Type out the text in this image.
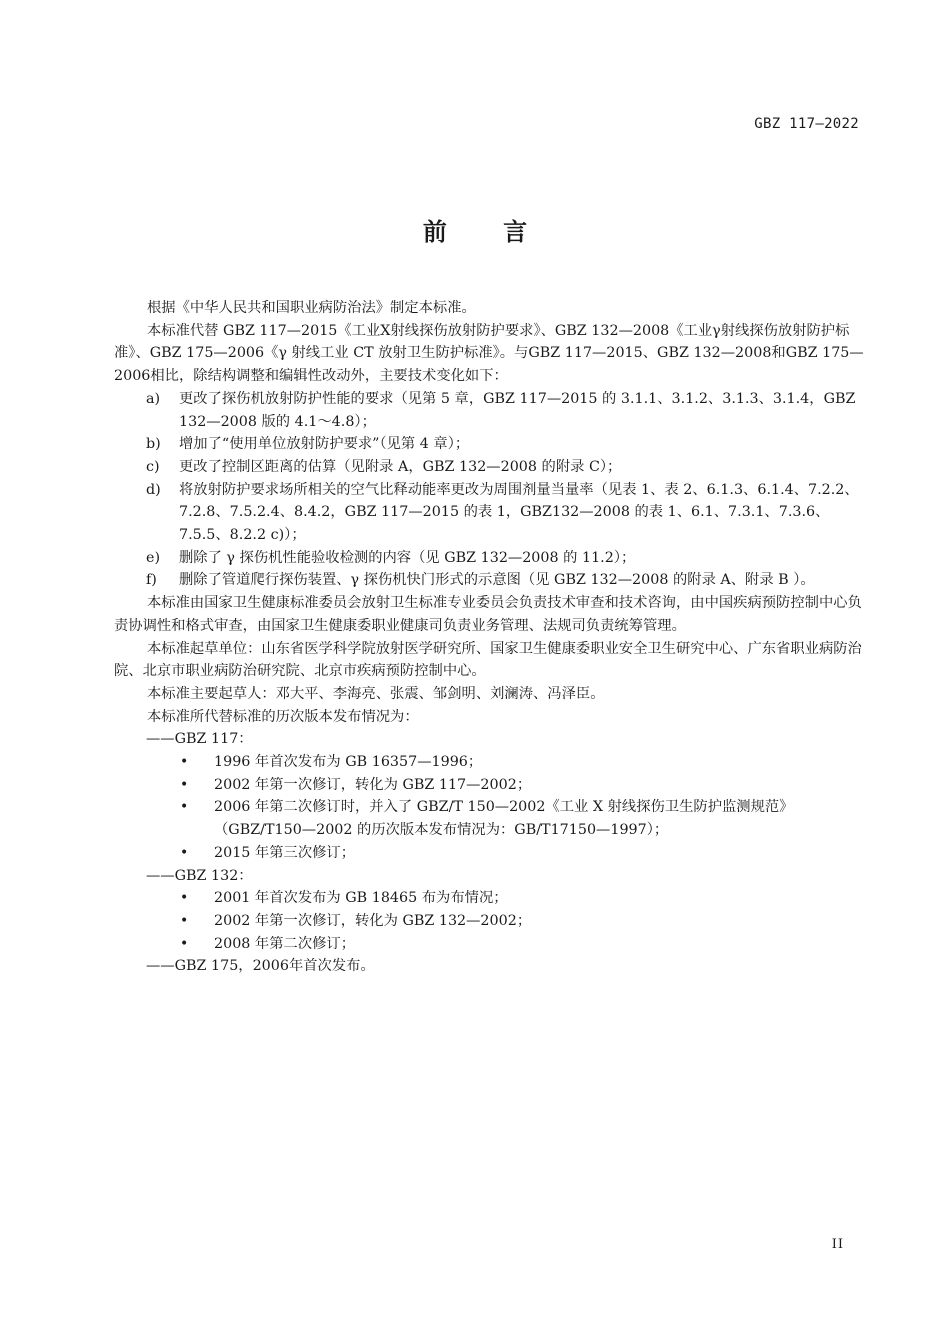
GBZ 117—2022
前 言

根据《中华人民共和国职业病防治法》制定本标准。

本标准代替 GBZ 117—2015《工业X射线探伤放射防护要求》、GBZ 132—2008《工业γ射线探伤放射防护标准》、GBZ 175—2006《γ 射线工业 CT 放射卫生防护标准》。与GBZ 117—2015、GBZ 132—2008和GBZ 175—2006相比，除结构调整和编辑性改动外，主要技术变化如下：

a)	更改了探伤机放射防护性能的要求（见第 5 章，GBZ 117—2015 的 3.1.1、3.1.2、3.1.3、3.1.4，GBZ 132—2008 版的 4.1～4.8）；
b)	增加了“使用单位放射防护要求”（见第 4 章）；
c)	更改了控制区距离的估算（见附录 A，GBZ 132—2008 的附录 C）；
d)	将放射防护要求场所相关的空气比释动能率更改为周围剂量当量率（见表 1、表 2、6.1.3、6.1.4、7.2.2、7.2.8、7.5.2.4、8.4.2，GBZ 117—2015 的表 1，GBZ132—2008 的表 1、6.1、7.3.1、7.3.6、7.5.5、8.2.2 c)）；
e)	删除了 γ 探伤机性能验收检测的内容（见 GBZ 132—2008 的 11.2）；
f)	删除了管道爬行探伤装置、γ 探伤机快门形式的示意图（见 GBZ 132—2008 的附录 A、附录 B ）。

本标准由国家卫生健康标准委员会放射卫生标准专业委员会负责技术审查和技术咨询，由中国疾病预防控制中心负责协调性和格式审查，由国家卫生健康委职业健康司负责业务管理、法规司负责统筹管理。

本标准起草单位：山东省医学科学院放射医学研究所、国家卫生健康委职业安全卫生研究中心、广东省职业病防治院、北京市职业病防治研究院、北京市疾病预防控制中心。

本标准主要起草人：邓大平、李海亮、张震、邹剑明、刘澜涛、冯泽臣。

本标准所代替标准的历次版本发布情况为：

——GBZ 117：

•	1996 年首次发布为 GB 16357—1996；
•	2002 年第一次修订，转化为 GBZ 117—2002；
•	2006 年第二次修订时，并入了 GBZ/T 150—2002《工业 X 射线探伤卫生防护监测规范》（GBZ/T150—2002 的历次版本发布情况为：GB/T17150—1997）；
•	2015 年第三次修订；

——GBZ 132：

•	2001 年首次发布为 GB 18465 布为布情况；
•	2002 年第一次修订，转化为 GBZ 132—2002；
•	2008 年第二次修订；

——GBZ 175，2006年首次发布。

II
